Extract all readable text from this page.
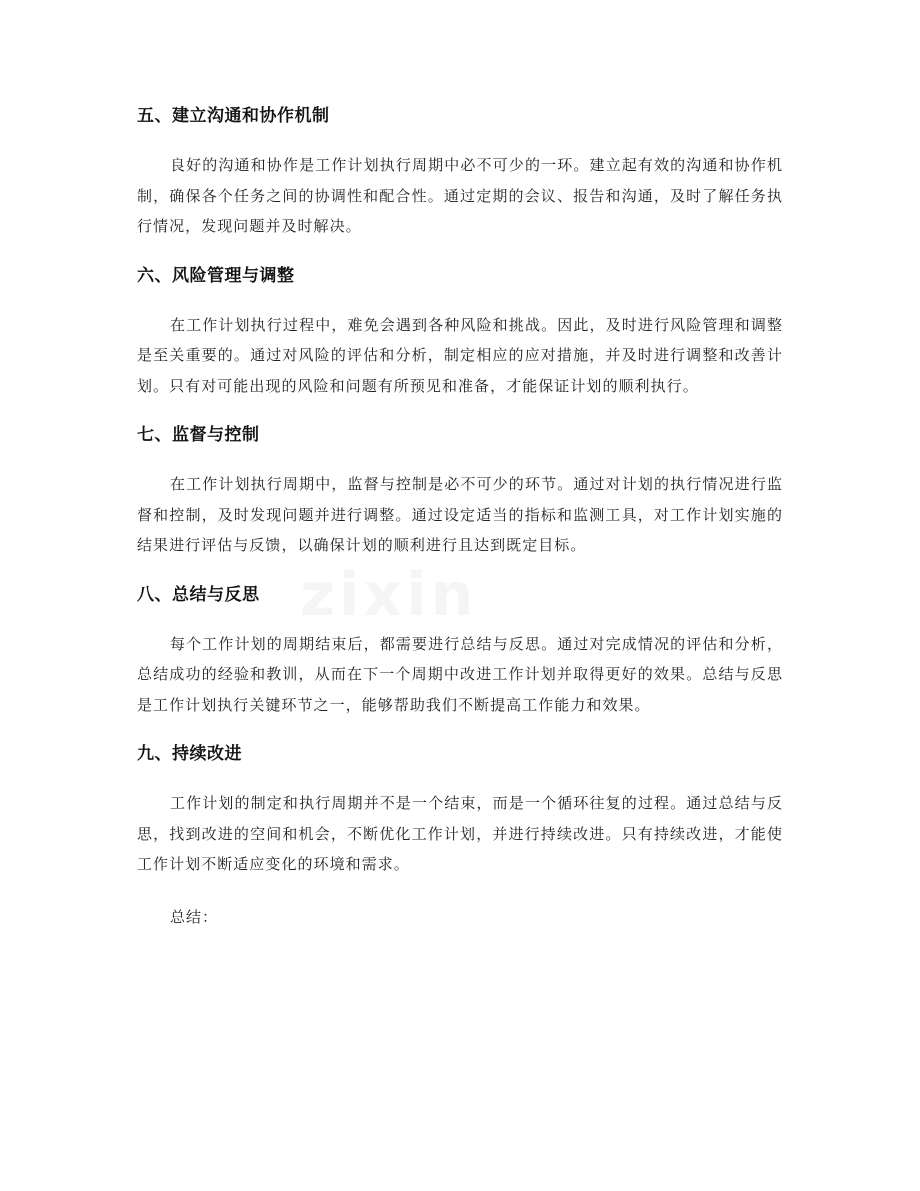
zixin
五、建立沟通和协作机制

良好的沟通和协作是工作计划执行周期中必不可少的一环。建立起有效的沟通和协作机制，确保各个任务之间的协调性和配合性。通过定期的会议、报告和沟通，及时了解任务执行情况，发现问题并及时解决。

六、风险管理与调整

在工作计划执行过程中，难免会遇到各种风险和挑战。因此，及时进行风险管理和调整是至关重要的。通过对风险的评估和分析，制定相应的应对措施，并及时进行调整和改善计划。只有对可能出现的风险和问题有所预见和准备，才能保证计划的顺利执行。

七、监督与控制

在工作计划执行周期中，监督与控制是必不可少的环节。通过对计划的执行情况进行监督和控制，及时发现问题并进行调整。通过设定适当的指标和监测工具，对工作计划实施的结果进行评估与反馈，以确保计划的顺利进行且达到既定目标。

八、总结与反思

每个工作计划的周期结束后，都需要进行总结与反思。通过对完成情况的评估和分析，总结成功的经验和教训，从而在下一个周期中改进工作计划并取得更好的效果。总结与反思是工作计划执行关键环节之一，能够帮助我们不断提高工作能力和效果。

九、持续改进

工作计划的制定和执行周期并不是一个结束，而是一个循环往复的过程。通过总结与反思，找到改进的空间和机会，不断优化工作计划，并进行持续改进。只有持续改进，才能使工作计划不断适应变化的环境和需求。

总结：
